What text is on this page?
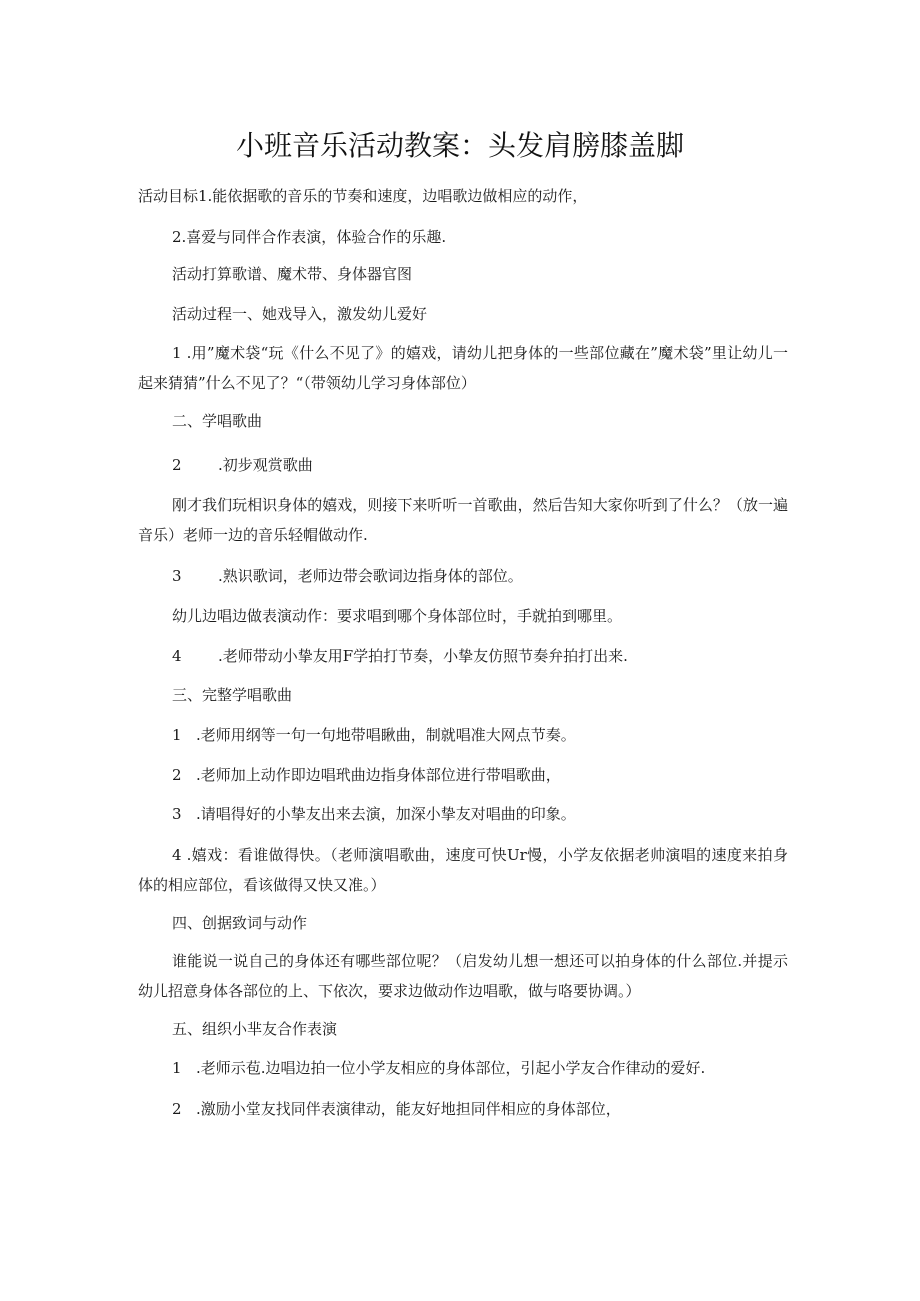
小班音乐活动教案：头发肩膀膝盖脚
活动目标1.能依据歌的音乐的节奏和速度，边唱歌边做相应的动作，
2.喜爱与同伴合作表演，体验合作的乐趣.
活动打算歌谱、魔术带、身体器官图
活动过程一、她戏导入，激发幼儿爱好
1 .用”魔术袋“玩《什么不见了》的嬉戏，请幼儿把身体的一些部位藏在”魔术袋”里让幼儿一起来猜猜”什么不见了？“（带领幼儿学习身体部位）
二、学唱歌曲
2 .初步观赏歌曲
刚才我们玩相识身体的嬉戏，则接下来听听一首歌曲，然后告知大家你听到了什么？（放一遍音乐）老师一边的音乐轻帽做动作.
3 .熟识歌词，老师边带会歌词边指身体的部位。
幼儿边唱边做表演动作：要求唱到哪个身体部位时，手就拍到哪里。
4 .老师带动小挚友用F学拍打节奏，小挚友仿照节奏弁拍打出来.
三、完整学唱歌曲
1 .老师用纲等一句一句地带唱瞅曲，制就唱准大网点节奏。
2 .老师加上动作即边唱玳曲边指身体部位进行带唱歌曲，
3 .请唱得好的小挚友出来去演，加深小挚友对唱曲的印象。
4 .嬉戏：看谁做得快。（老师演唱歌曲，速度可快Ur慢，小学友依据老帅演唱的速度来拍身体的相应部位，看该做得又快又准。）
四、创据致词与动作
谁能说一说自己的身体还有哪些部位呢？（启发幼儿想一想还可以拍身体的什么部位.并提示幼儿招意身体各部位的上、下依次，要求边做动作边唱歌，做与咯要协调。）
五、组织小芈友合作表演
1 .老师示苞.边唱边拍一位小学友相应的身体部位，引起小学友合作律动的爱好.
2 .激励小堂友找同伴表演律动，能友好地担同伴相应的身体部位，
